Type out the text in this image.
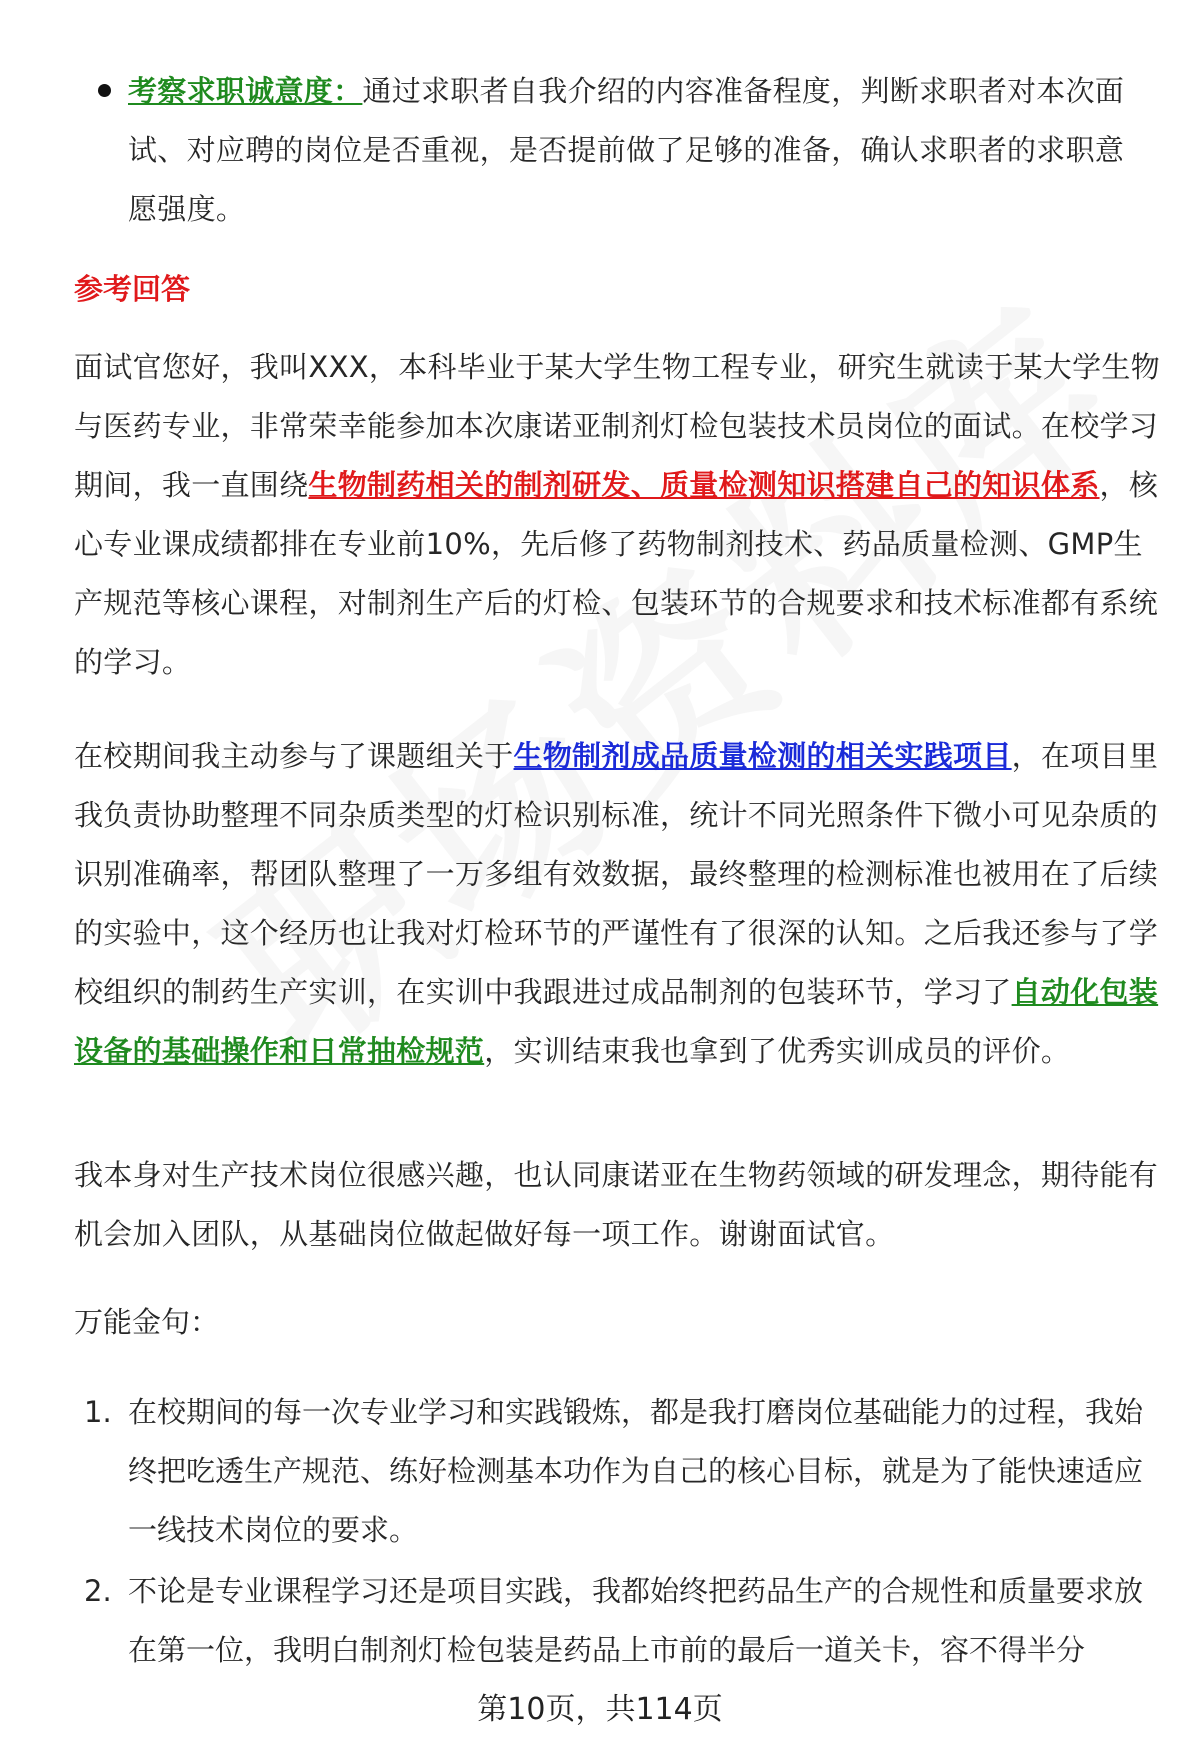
考察求职诚意度：通过求职者自我介绍的内容准备程度，判断求职者对本次面试、对应聘的岗位是否重视，是否提前做了足够的准备，确认求职者的求职意愿强度。
参考回答
面试官您好，我叫XXX，本科毕业于某大学生物工程专业，研究生就读于某大学生物与医药专业，非常荣幸能参加本次康诺亚制剂灯检包装技术员岗位的面试。在校学习期间，我一直围绕生物制药相关的制剂研发、质量检测知识搭建自己的知识体系，核心专业课成绩都排在专业前10%，先后修了药物制剂技术、药品质量检测、GMP生产规范等核心课程，对制剂生产后的灯检、包装环节的合规要求和技术标准都有系统的学习。
在校期间我主动参与了课题组关于生物制剂成品质量检测的相关实践项目，在项目里我负责协助整理不同杂质类型的灯检识别标准，统计不同光照条件下微小可见杂质的识别准确率，帮团队整理了一万多组有效数据，最终整理的检测标准也被用在了后续的实验中，这个经历也让我对灯检环节的严谨性有了很深的认知。之后我还参与了学校组织的制药生产实训，在实训中我跟进过成品制剂的包装环节，学习了自动化包装设备的基础操作和日常抽检规范，实训结束我也拿到了优秀实训成员的评价。
我本身对生产技术岗位很感兴趣，也认同康诺亚在生物药领域的研发理念，期待能有机会加入团队，从基础岗位做起做好每一项工作。谢谢面试官。
万能金句：
1. 在校期间的每一次专业学习和实践锻炼，都是我打磨岗位基础能力的过程，我始终把吃透生产规范、练好检测基本功作为自己的核心目标，就是为了能快速适应一线技术岗位的要求。
2. 不论是专业课程学习还是项目实践，我都始终把药品生产的合规性和质量要求放在第一位，我明白制剂灯检包装是药品上市前的最后一道关卡，容不得半分
第10页，共114页
